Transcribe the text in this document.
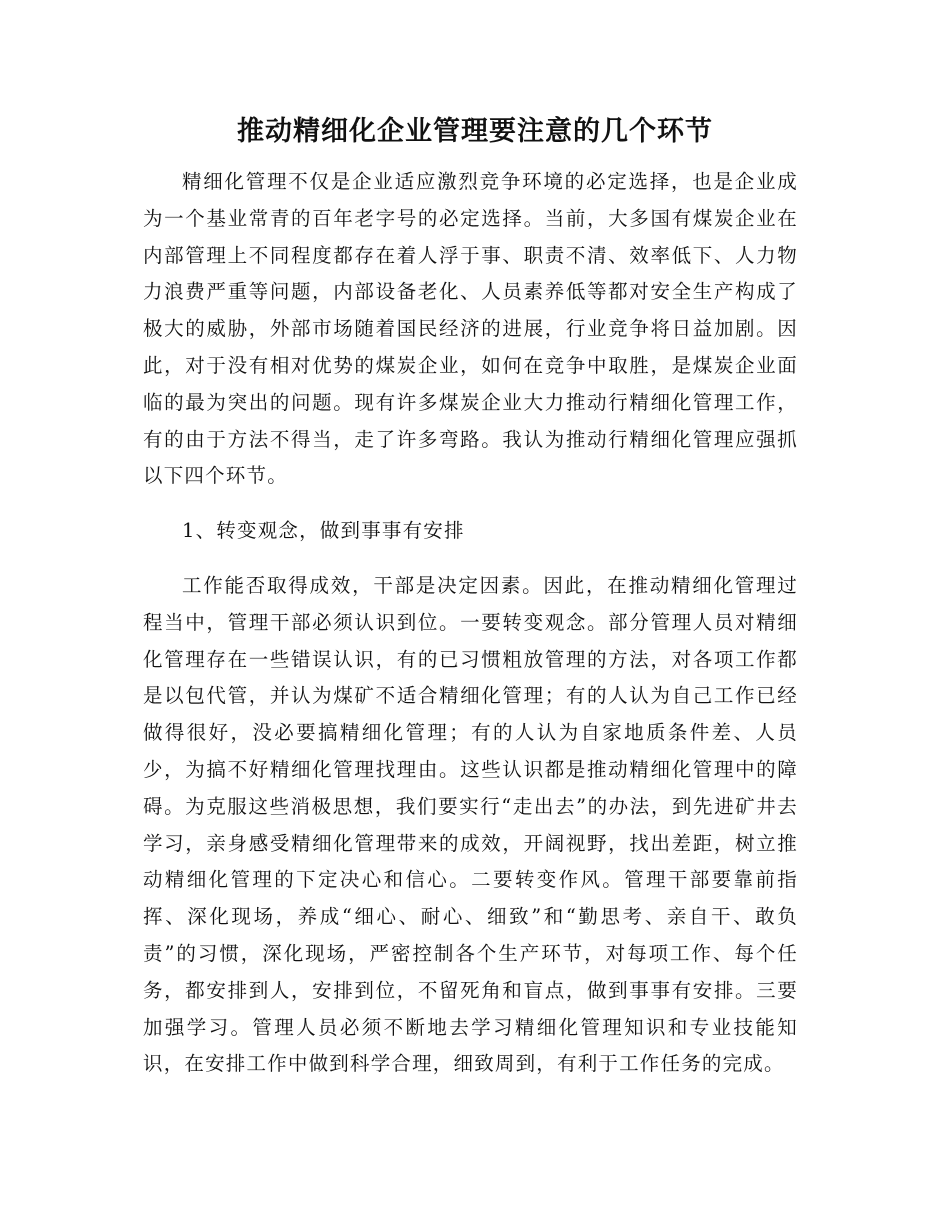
推动精细化企业管理要注意的几个环节

精细化管理不仅是企业适应激烈竞争环境的必定选择，也是企业成为一个基业常青的百年老字号的必定选择。当前，大多国有煤炭企业在内部管理上不同程度都存在着人浮于事、职责不清、效率低下、人力物力浪费严重等问题，内部设备老化、人员素养低等都对安全生产构成了极大的威胁，外部市场随着国民经济的进展，行业竞争将日益加剧。因此，对于没有相对优势的煤炭企业，如何在竞争中取胜，是煤炭企业面临的最为突出的问题。现有许多煤炭企业大力推动行精细化管理工作，有的由于方法不得当，走了许多弯路。我认为推动行精细化管理应强抓以下四个环节。

1、转变观念，做到事事有安排

工作能否取得成效，干部是决定因素。因此，在推动精细化管理过程当中，管理干部必须认识到位。一要转变观念。部分管理人员对精细化管理存在一些错误认识，有的已习惯粗放管理的方法，对各项工作都是以包代管，并认为煤矿不适合精细化管理；有的人认为自己工作已经做得很好，没必要搞精细化管理；有的人认为自家地质条件差、人员少，为搞不好精细化管理找理由。这些认识都是推动精细化管理中的障碍。为克服这些消极思想，我们要实行“走出去”的办法，到先进矿井去学习，亲身感受精细化管理带来的成效，开阔视野，找出差距，树立推动精细化管理的下定决心和信心。二要转变作风。管理干部要靠前指挥、深化现场，养成“细心、耐心、细致”和“勤思考、亲自干、敢负责”的习惯，深化现场，严密控制各个生产环节，对每项工作、每个任务，都安排到人，安排到位，不留死角和盲点，做到事事有安排。三要加强学习。管理人员必须不断地去学习精细化管理知识和专业技能知识，在安排工作中做到科学合理，细致周到，有利于工作任务的完成。
